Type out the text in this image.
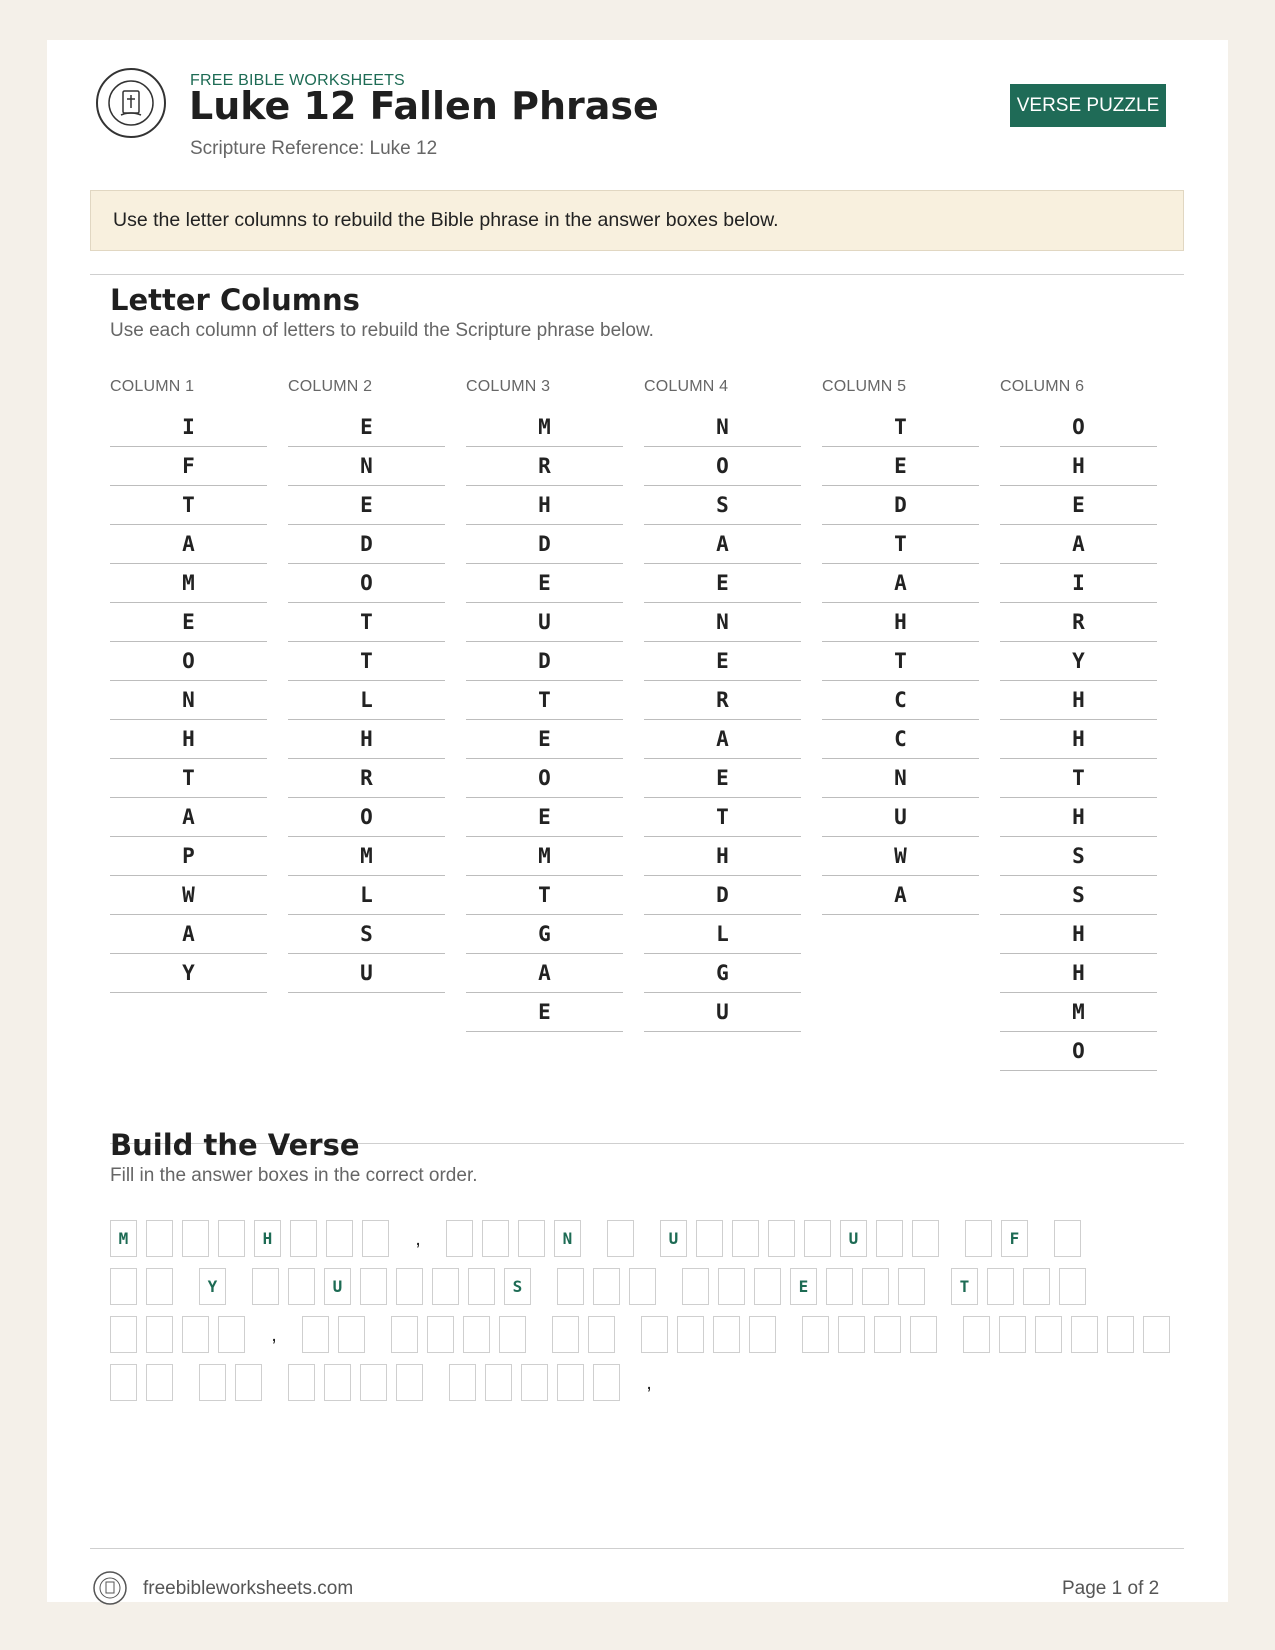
FREE BIBLE WORKSHEETS
Luke 12 Fallen Phrase
Scripture Reference: Luke 12
VERSE PUZZLE
Use the letter columns to rebuild the Bible phrase in the answer boxes below.
Letter Columns
Use each column of letters to rebuild the Scripture phrase below.
COLUMN 1
I
F
T
A
M
E
O
N
H
T
A
P
W
A
Y
COLUMN 2
E
N
E
D
O
T
T
L
H
R
O
M
L
S
U
COLUMN 3
M
R
H
D
E
U
D
T
E
O
E
M
T
G
A
E
COLUMN 4
N
O
S
A
E
N
E
R
A
E
T
H
D
L
G
U
COLUMN 5
T
E
D
T
A
H
T
C
C
N
U
W
A
COLUMN 6
O
H
E
A
I
R
Y
H
H
T
H
S
S
H
H
M
O
Build the Verse
Fill in the answer boxes in the correct order.
M	H	,	N	U	U	F
Y	U	S	E	T
,
,
freebibleworksheets.com	Page 1 of 2
